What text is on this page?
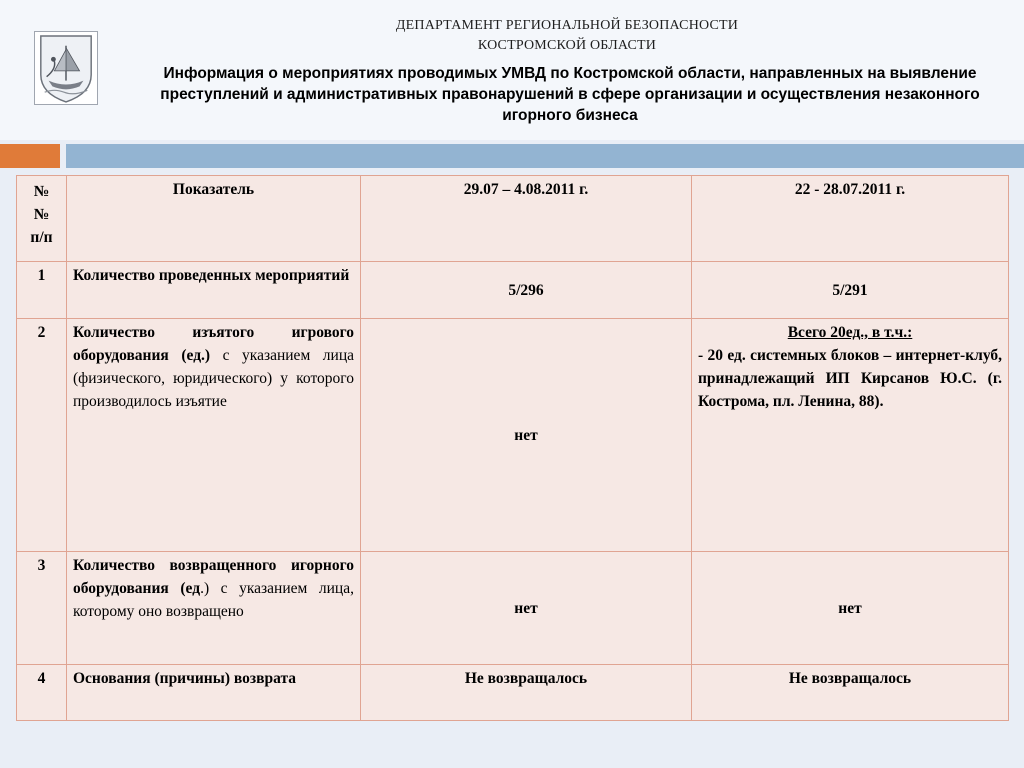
ДЕПАРТАМЕНТ РЕГИОНАЛЬНОЙ БЕЗОПАСНОСТИ
КОСТРОМСКОЙ ОБЛАСТИ
Информация о мероприятиях проводимых УМВД по Костромской области, направленных на выявление преступлений и административных правонарушений в сфере организации и осуществления незаконного игорного бизнеса
№ № п/п	Показатель	29.07 – 4.08.2011 г.	22 - 28.07.2011 г.
1	Количество проведенных мероприятий	5/296	5/291
2	Количество изъятого игрового оборудования (ед.) с указанием лица (физического, юридического) у которого производилось изъятие	нет	Всего 20ед., в т.ч.:
- 20 ед. системных блоков – интернет-клуб, принадлежащий ИП Кирсанов Ю.С. (г. Кострома, пл. Ленина, 88).

3	Количество возвращенного игорного оборудования (ед.) с указанием лица, которому оно возвращено	нет	нет
4	Основания (причины) возврата	Не возвращалось	Не возвращалось
